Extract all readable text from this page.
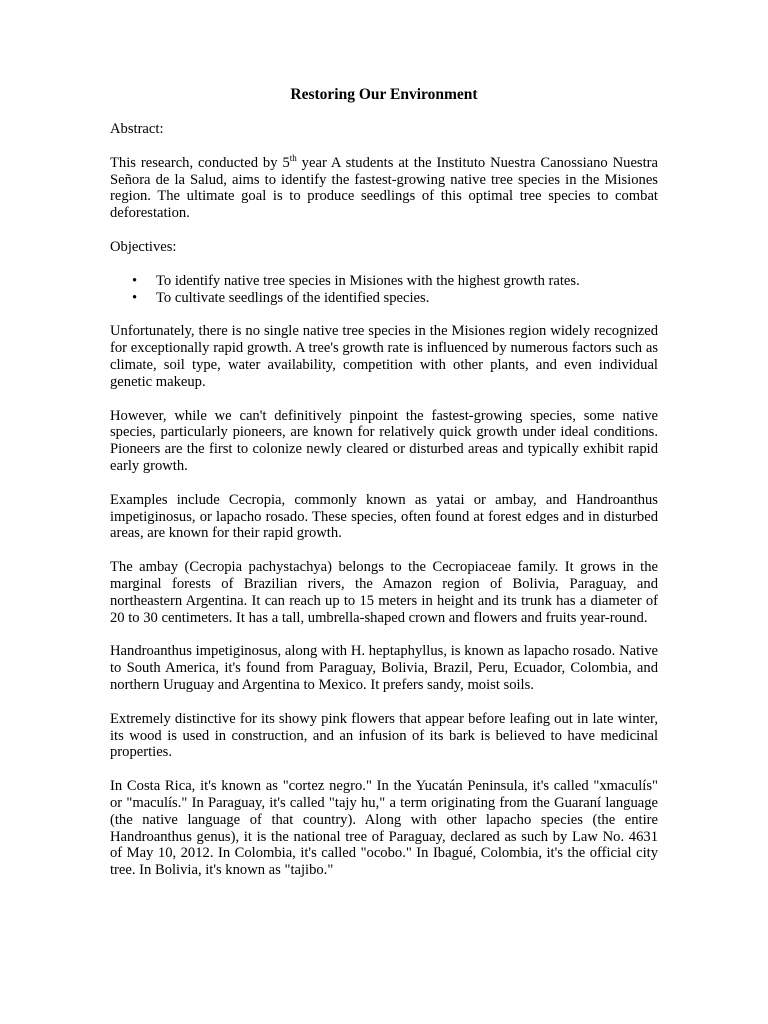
Restoring Our Environment
Abstract:

This research, conducted by 5th year A students at the Instituto Nuestra Canossiano Nuestra Señora de la Salud, aims to identify the fastest-growing native tree species in the Misiones region. The ultimate goal is to produce seedlings of this optimal tree species to combat deforestation.

Objectives:
• To identify native tree species in Misiones with the highest growth rates.
• To cultivate seedlings of the identified species.

Unfortunately, there is no single native tree species in the Misiones region widely recognized for exceptionally rapid growth. A tree's growth rate is influenced by numerous factors such as climate, soil type, water availability, competition with other plants, and even individual genetic makeup.

However, while we can't definitively pinpoint the fastest-growing species, some native species, particularly pioneers, are known for relatively quick growth under ideal conditions. Pioneers are the first to colonize newly cleared or disturbed areas and typically exhibit rapid early growth.

Examples include Cecropia, commonly known as yatai or ambay, and Handroanthus impetiginosus, or lapacho rosado. These species, often found at forest edges and in disturbed areas, are known for their rapid growth.

The ambay (Cecropia pachystachya) belongs to the Cecropiaceae family. It grows in the marginal forests of Brazilian rivers, the Amazon region of Bolivia, Paraguay, and northeastern Argentina. It can reach up to 15 meters in height and its trunk has a diameter of 20 to 30 centimeters. It has a tall, umbrella-shaped crown and flowers and fruits year-round.

Handroanthus impetiginosus, along with H. heptaphyllus, is known as lapacho rosado. Native to South America, it's found from Paraguay, Bolivia, Brazil, Peru, Ecuador, Colombia, and northern Uruguay and Argentina to Mexico. It prefers sandy, moist soils.

Extremely distinctive for its showy pink flowers that appear before leafing out in late winter, its wood is used in construction, and an infusion of its bark is believed to have medicinal properties.

In Costa Rica, it's known as "cortez negro." In the Yucatán Peninsula, it's called "xmaculís" or "maculís." In Paraguay, it's called "tajy hu," a term originating from the Guaraní language (the native language of that country). Along with other lapacho species (the entire Handroanthus genus), it is the national tree of Paraguay, declared as such by Law No. 4631 of May 10, 2012. In Colombia, it's called "ocobo." In Ibagué, Colombia, it's the official city tree. In Bolivia, it's known as "tajibo."
